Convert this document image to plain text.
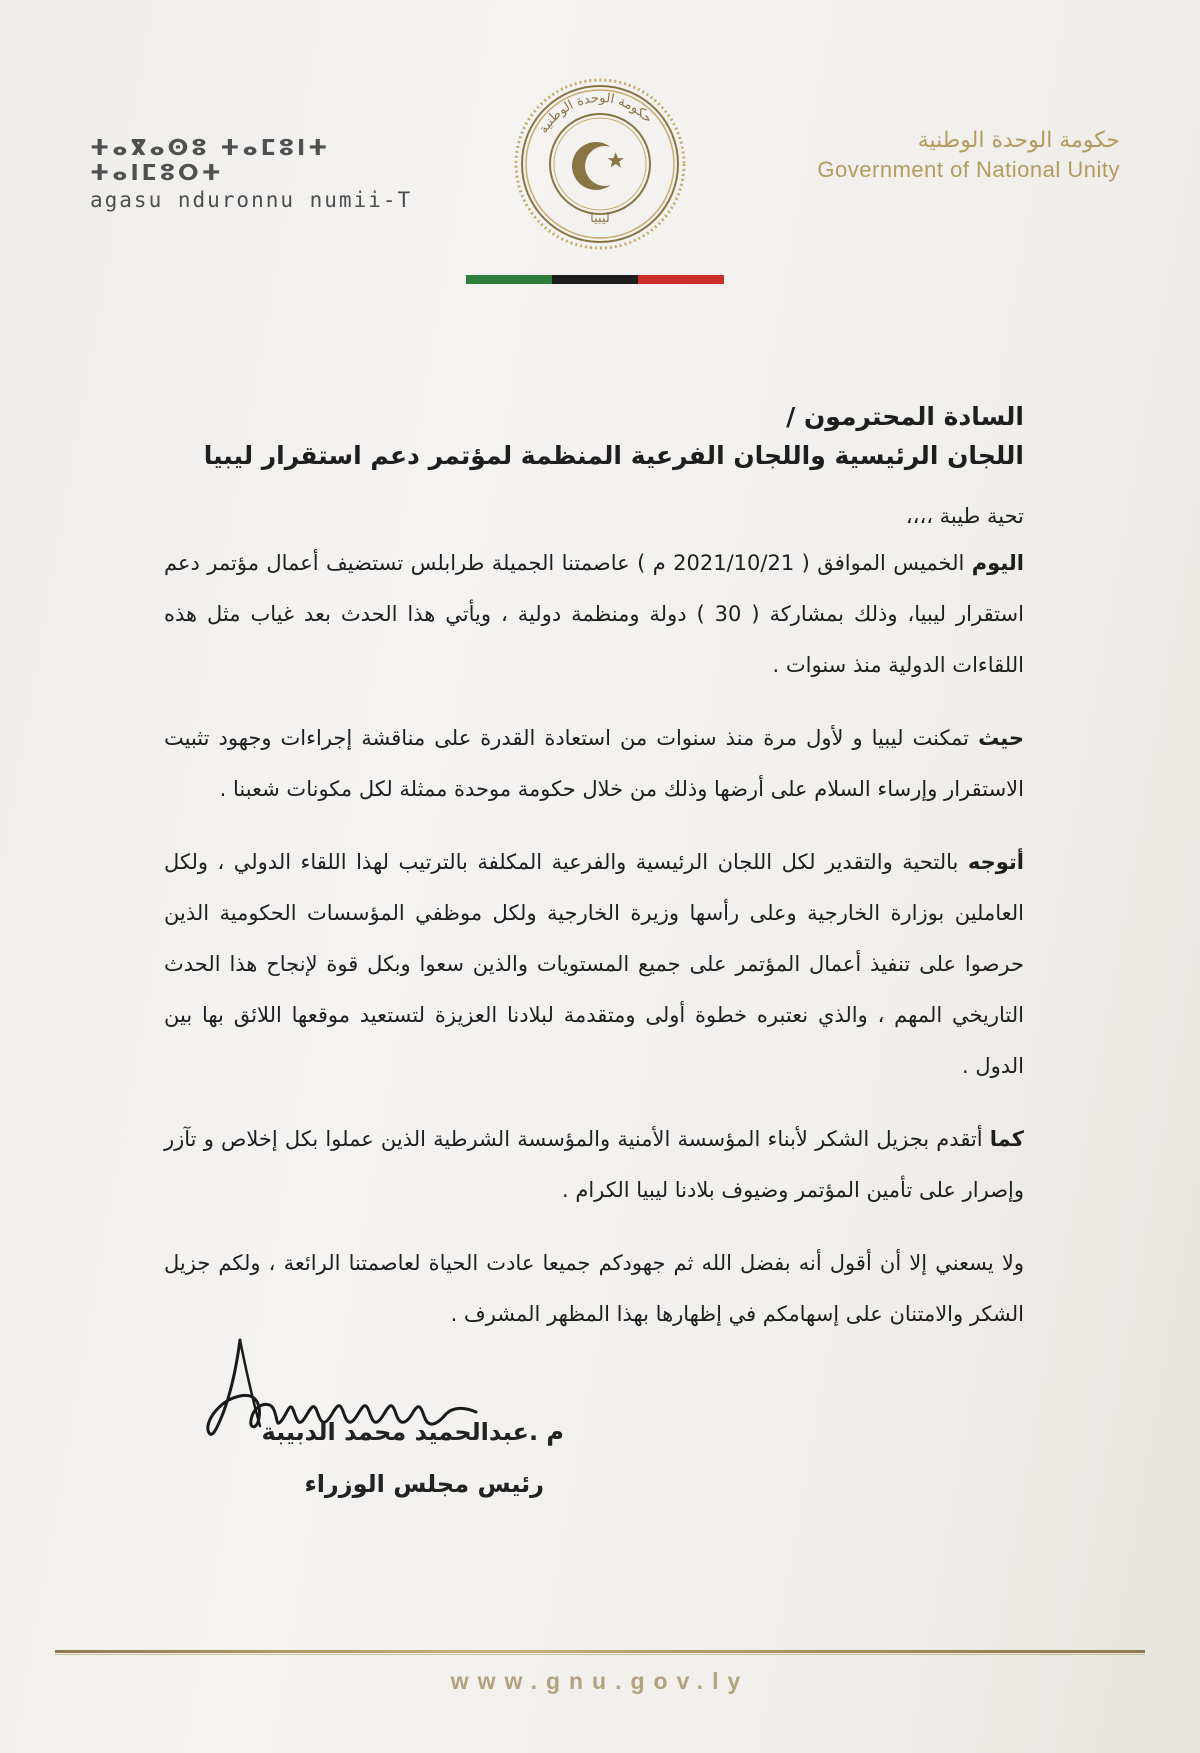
ⵜⴰⴳⴰⵙⵓ ⵜⴰⵎⵓⵏⵜ ⵜⴰⵏⵎⵓⵔⵜ
agasu nduronnu numii-T
حكومة الوحدة الوطنية
ليبيا
حكومة الوحدة الوطنية
Government of National Unity
السادة المحترمون /
اللجان الرئيسية واللجان الفرعية المنظمة لمؤتمر دعم استقرار ليبيا
تحية طيبة ،،،،
اليوم الخميس الموافق ( 2021/10/21 م ) عاصمتنا الجميلة طرابلس تستضيف أعمال مؤتمر دعم استقرار ليبيا، وذلك بمشاركة ( 30 ) دولة ومنظمة دولية ، ويأتي هذا الحدث بعد غياب مثل هذه اللقاءات الدولية منذ سنوات .
حيث تمكنت ليبيا و لأول مرة منذ سنوات من استعادة القدرة على مناقشة إجراءات وجهود تثبيت الاستقرار وإرساء السلام على أرضها وذلك من خلال حكومة موحدة ممثلة لكل مكونات شعبنا .
أتوجه بالتحية والتقدير لكل اللجان الرئيسية والفرعية المكلفة بالترتيب لهذا اللقاء الدولي ، ولكل العاملين بوزارة الخارجية وعلى رأسها وزيرة الخارجية ولكل موظفي المؤسسات الحكومية الذين حرصوا على تنفيذ أعمال المؤتمر على جميع المستويات والذين سعوا وبكل قوة لإنجاح هذا الحدث التاريخي المهم ، والذي نعتبره خطوة أولى ومتقدمة لبلادنا العزيزة لتستعيد موقعها اللائق بها بين الدول .
كما أتقدم بجزيل الشكر لأبناء المؤسسة الأمنية والمؤسسة الشرطية الذين عملوا بكل إخلاص و تآزر وإصرار على تأمين المؤتمر وضيوف بلادنا ليبيا الكرام .
ولا يسعني إلا أن أقول أنه بفضل الله ثم جهودكم جميعا عادت الحياة لعاصمتنا الرائعة ، ولكم جزيل الشكر والامتنان على إسهامكم في إظهارها بهذا المظهر المشرف .
م .عبدالحميد محمد الدبيبة
رئيس مجلس الوزراء
www.gnu.gov.ly
